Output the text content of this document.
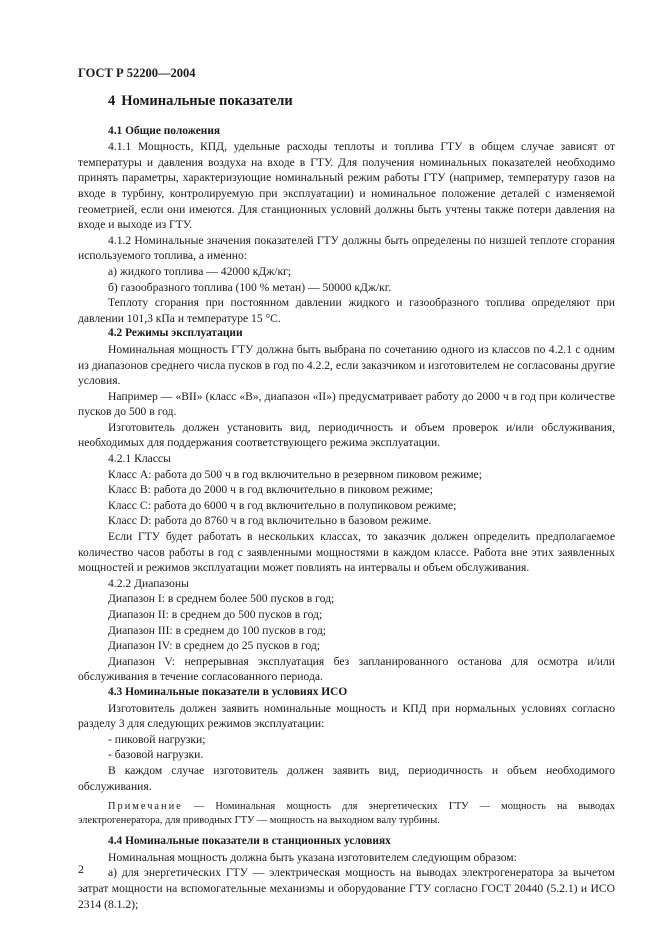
ГОСТ Р 52200—2004

4 Номинальные показатели

4.1 Общие положения

4.1.1 Мощность, КПД, удельные расходы теплоты и топлива ГТУ в общем случае зависят от температуры и давления воздуха на входе в ГТУ. Для получения номинальных показателей необходимо принять параметры, характеризующие номинальный режим работы ГТУ (например, температуру газов на входе в турбину, контролируемую при эксплуатации) и номинальное положение деталей с изменяемой геометрией, если они имеются. Для станционных условий должны быть учтены также потери давления на входе и выходе из ГТУ.

4.1.2 Номинальные значения показателей ГТУ должны быть определены по низшей теплоте сгорания используемого топлива, а именно:

а) жидкого топлива — 42000 кДж/кг;

б) газообразного топлива (100 % метан) — 50000 кДж/кг.

Теплоту сгорания при постоянном давлении жидкого и газообразного топлива определяют при давлении 101,3 кПа и температуре 15 °С.

4.2 Режимы эксплуатации

Номинальная мощность ГТУ должна быть выбрана по сочетанию одного из классов по 4.2.1 с одним из диапазонов среднего числа пусков в год по 4.2.2, если заказчиком и изготовителем не согласованы другие условия.

Например — «ВII» (класс «В», диапазон «II») предусматривает работу до 2000 ч в год при количестве пусков до 500 в год.

Изготовитель должен установить вид, периодичность и объем проверок и/или обслуживания, необходимых для поддержания соответствующего режима эксплуатации.

4.2.1 Классы

Класс A: работа до 500 ч в год включительно в резервном пиковом режиме;

Класс B: работа до 2000 ч в год включительно в пиковом режиме;

Класс C: работа до 6000 ч в год включительно в полупиковом режиме;

Класс D: работа до 8760 ч в год включительно в базовом режиме.

Если ГТУ будет работать в нескольких классах, то заказчик должен определить предполагаемое количество часов работы в год с заявленными мощностями в каждом классе. Работа вне этих заявленных мощностей и режимов эксплуатации может повлиять на интервалы и объем обслуживания.

4.2.2 Диапазоны

Диапазон I: в среднем более 500 пусков в год;

Диапазон II: в среднем до 500 пусков в год;

Диапазон III: в среднем до 100 пусков в год;

Диапазон IV: в среднем до 25 пусков в год;

Диапазон V: непрерывная эксплуатация без запланированного останова для осмотра и/или обслуживания в течение согласованного периода.

4.3 Номинальные показатели в условиях ИСО

Изготовитель должен заявить номинальные мощность и КПД при нормальных условиях согласно разделу 3 для следующих режимов эксплуатации:

- пиковой нагрузки;

- базовой нагрузки.

В каждом случае изготовитель должен заявить вид, периодичность и объем необходимого обслуживания.

Примечание — Номинальная мощность для энергетических ГТУ — мощность на выводах электрогенератора, для приводных ГТУ — мощность на выходном валу турбины.

4.4 Номинальные показатели в станционных условиях

Номинальная мощность должна быть указана изготовителем следующим образом:

а) для энергетических ГТУ — электрическая мощность на выводах электрогенератора за вычетом затрат мощности на вспомогательные механизмы и оборудование ГТУ согласно ГОСТ 20440 (5.2.1) и ИСО 2314 (8.1.2);

2
